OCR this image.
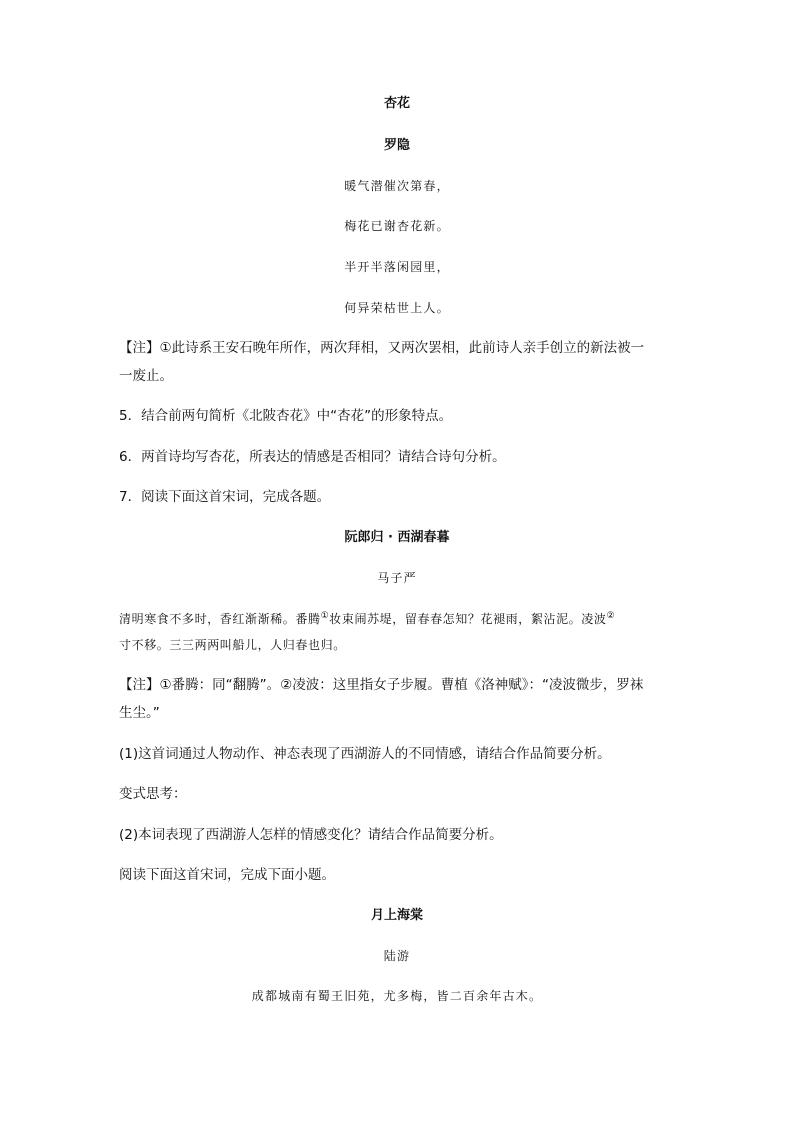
杏花
罗隐
暖气潜催次第春，
梅花已谢杏花新。
半开半落闲园里，
何异荣枯世上人。
【注】①此诗系王安石晚年所作，两次拜相，又两次罢相，此前诗人亲手创立的新法被一
一废止。
5．结合前两句简析《北陂杏花》中“杏花”的形象特点。
6．两首诗均写杏花，所表达的情感是否相同？请结合诗句分析。
7．阅读下面这首宋词，完成各题。
阮郎归 · 西湖春暮
马子严
清明寒食不多时，香红渐渐稀。番腾①妆束闹苏堤，留春春怎知？花褪雨，絮沾泥。凌波②
寸不移。三三两两叫船儿，人归春也归。
【注】①番腾：同“翻腾”。②凌波：这里指女子步履。曹植《洛神赋》：“凌波微步，罗袜
生尘。”
(1)这首词通过人物动作、神态表现了西湖游人的不同情感，请结合作品简要分析。
变式思考：
(2)本词表现了西湖游人怎样的情感变化？请结合作品简要分析。
阅读下面这首宋词，完成下面小题。
月上海棠
陆游
成都城南有蜀王旧苑，尤多梅，皆二百余年古木。
